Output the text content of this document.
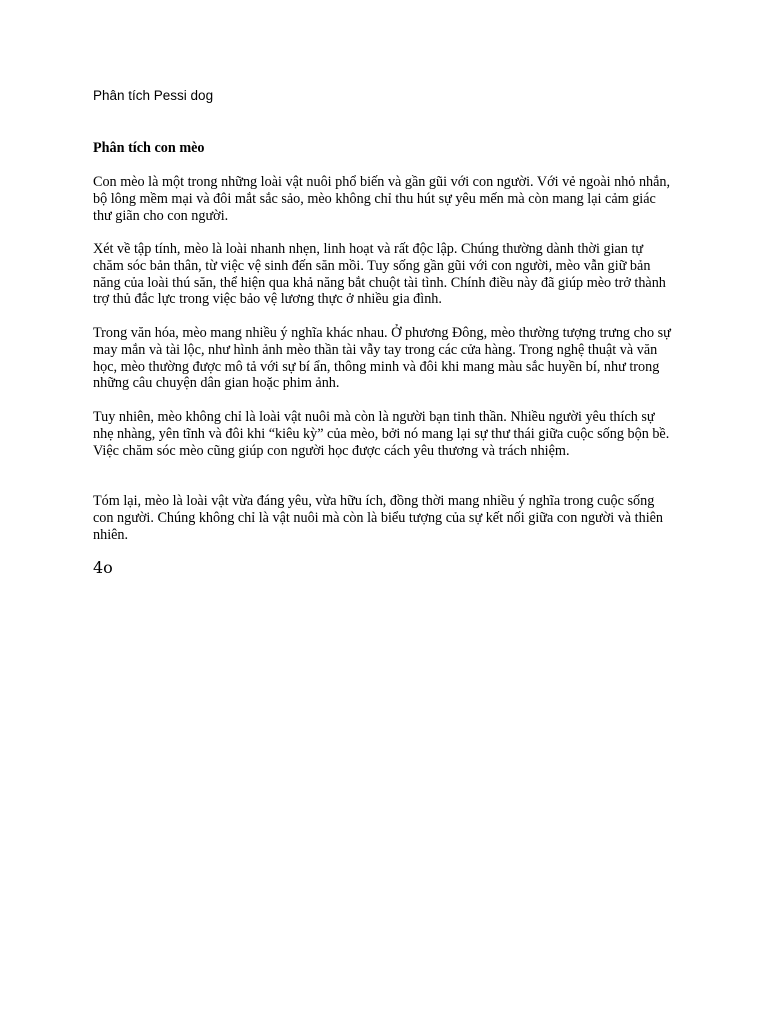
Phân tích Pessi dog
Phân tích con mèo

Con mèo là một trong những loài vật nuôi phổ biến và gần gũi với con người. Với vẻ ngoài nhỏ nhắn, bộ lông mềm mại và đôi mắt sắc sảo, mèo không chỉ thu hút sự yêu mến mà còn mang lại cảm giác thư giãn cho con người.

Xét về tập tính, mèo là loài nhanh nhẹn, linh hoạt và rất độc lập. Chúng thường dành thời gian tự chăm sóc bản thân, từ việc vệ sinh đến săn mồi. Tuy sống gần gũi với con người, mèo vẫn giữ bản năng của loài thú săn, thể hiện qua khả năng bắt chuột tài tình. Chính điều này đã giúp mèo trở thành trợ thủ đắc lực trong việc bảo vệ lương thực ở nhiều gia đình.

Trong văn hóa, mèo mang nhiều ý nghĩa khác nhau. Ở phương Đông, mèo thường tượng trưng cho sự may mắn và tài lộc, như hình ảnh mèo thần tài vẫy tay trong các cửa hàng. Trong nghệ thuật và văn học, mèo thường được mô tả với sự bí ẩn, thông minh và đôi khi mang màu sắc huyền bí, như trong những câu chuyện dân gian hoặc phim ảnh.

Tuy nhiên, mèo không chỉ là loài vật nuôi mà còn là người bạn tinh thần. Nhiều người yêu thích sự nhẹ nhàng, yên tĩnh và đôi khi “kiêu kỳ” của mèo, bởi nó mang lại sự thư thái giữa cuộc sống bộn bề. Việc chăm sóc mèo cũng giúp con người học được cách yêu thương và trách nhiệm.

Tóm lại, mèo là loài vật vừa đáng yêu, vừa hữu ích, đồng thời mang nhiều ý nghĩa trong cuộc sống con người. Chúng không chỉ là vật nuôi mà còn là biểu tượng của sự kết nối giữa con người và thiên nhiên.

4o
